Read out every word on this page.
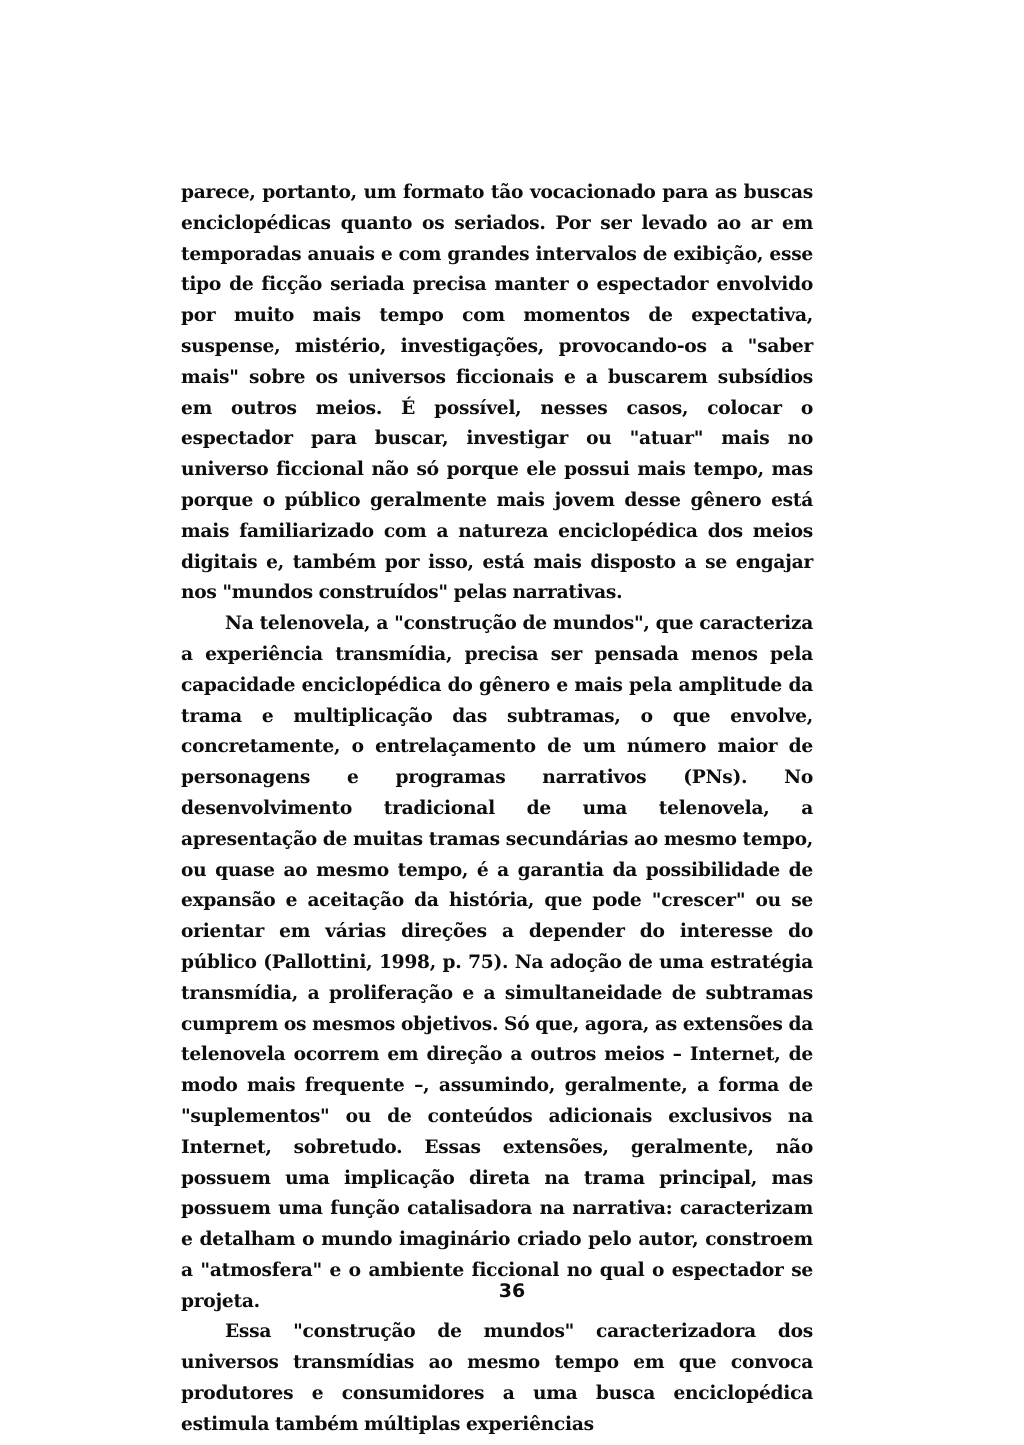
parece, portanto, um formato tão vocacionado para as buscas enciclopédicas quanto os seriados. Por ser levado ao ar em temporadas anuais e com grandes intervalos de exibição, esse tipo de ficção seriada precisa manter o espectador envolvido por muito mais tempo com momentos de expectativa, suspense, mistério, investigações, provocando-os a "saber mais" sobre os universos ficcionais e a buscarem subsídios em outros meios. É possível, nesses casos, colocar o espectador para buscar, investigar ou "atuar" mais no universo ficcional não só porque ele possui mais tempo, mas porque o público geralmente mais jovem desse gênero está mais familiarizado com a natureza enciclopédica dos meios digitais e, também por isso, está mais disposto a se engajar nos "mundos construídos" pelas narrativas.

Na telenovela, a "construção de mundos", que caracteriza a experiência transmídia, precisa ser pensada menos pela capacidade enciclopédica do gênero e mais pela amplitude da trama e multiplicação das subtramas, o que envolve, concretamente, o entrelaçamento de um número maior de personagens e programas narrativos (PNs). No desenvolvimento tradicional de uma telenovela, a apresentação de muitas tramas secundárias ao mesmo tempo, ou quase ao mesmo tempo, é a garantia da possibilidade de expansão e aceitação da história, que pode "crescer" ou se orientar em várias direções a depender do interesse do público (Pallottini, 1998, p. 75). Na adoção de uma estratégia transmídia, a proliferação e a simultaneidade de subtramas cumprem os mesmos objetivos. Só que, agora, as extensões da telenovela ocorrem em direção a outros meios – Internet, de modo mais frequente –, assumindo, geralmente, a forma de "suplementos" ou de conteúdos adicionais exclusivos na Internet, sobretudo. Essas extensões, geralmente, não possuem uma implicação direta na trama principal, mas possuem uma função catalisadora na narrativa: caracterizam e detalham o mundo imaginário criado pelo autor, constroem a "atmosfera" e o ambiente ficcional no qual o espectador se projeta.

Essa "construção de mundos" caracterizadora dos universos transmídias ao mesmo tempo em que convoca produtores e consumidores a uma busca enciclopédica estimula também múltiplas experiências

36
